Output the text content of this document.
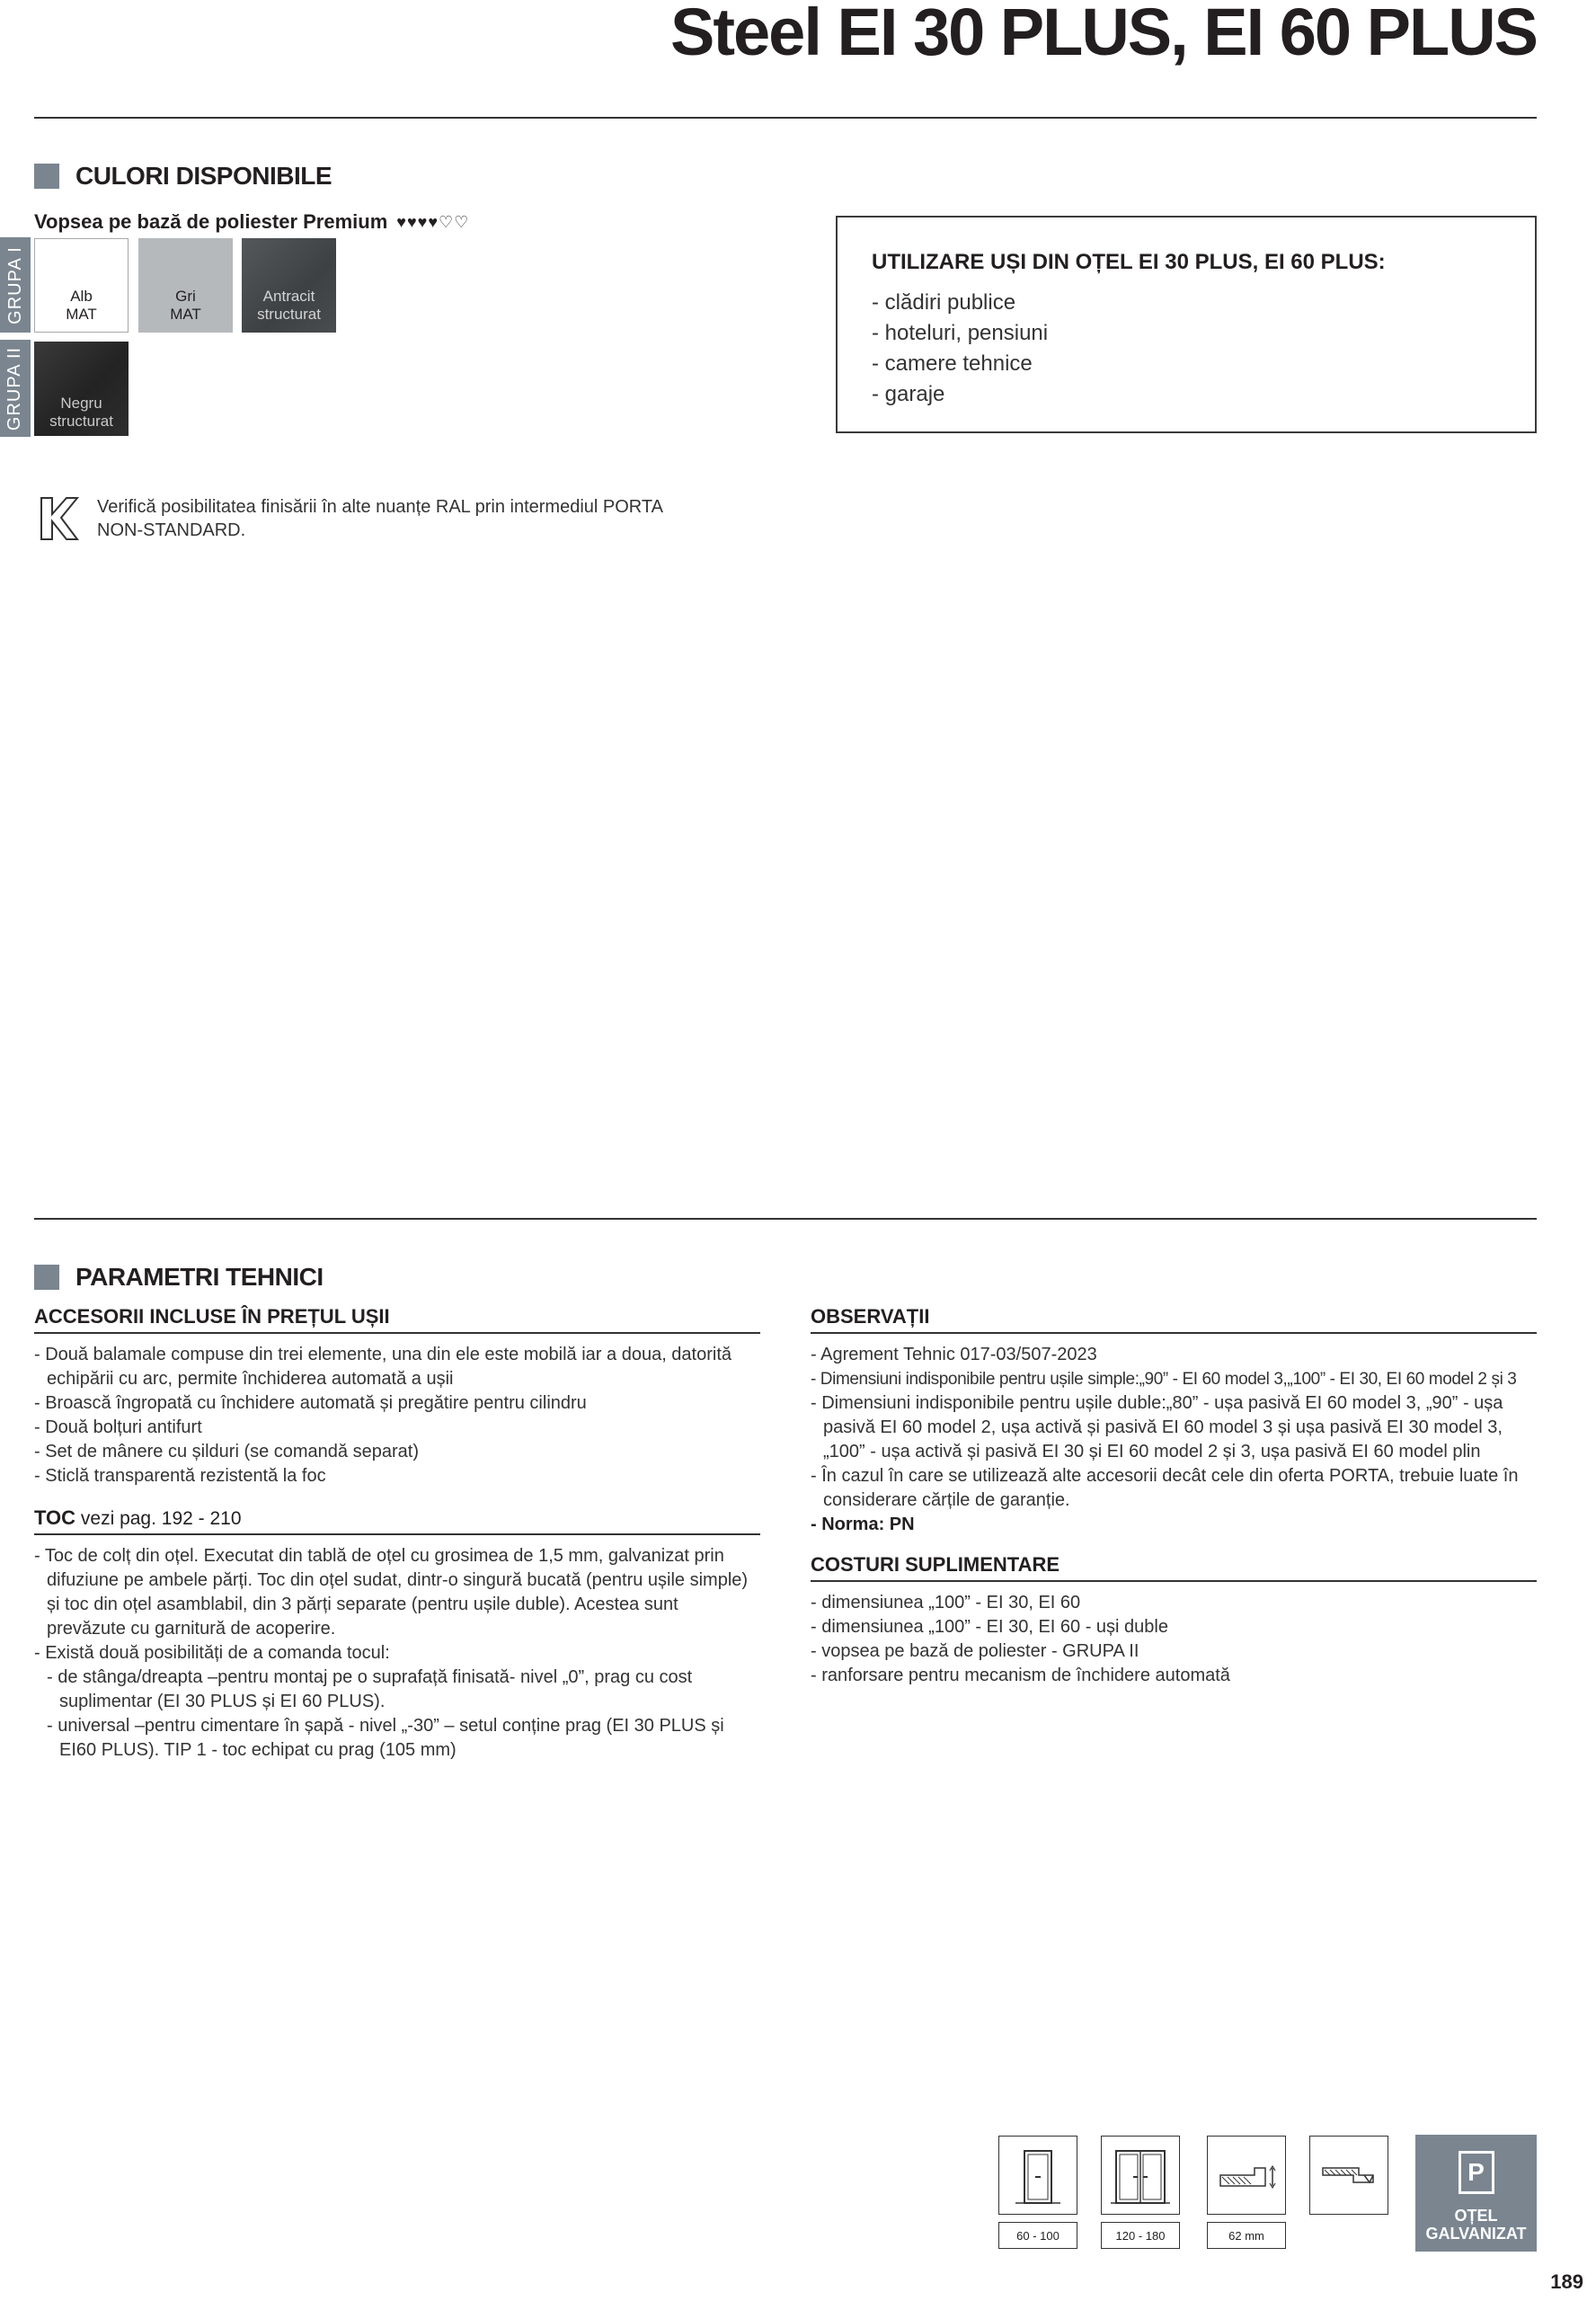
Steel EI 30 PLUS, EI 60 PLUS
CULORI DISPONIBILE
Vopsea pe bază de poliester Premium ♥♥♥♥♡♡
GRUPA I	Alb
MAT
Gri
MAT
Antracit
structurat
GRUPA II Negru
structurat
UTILIZARE UȘI DIN OȚEL EI 30 PLUS, EI 60 PLUS:
- clădiri publice
- hoteluri, pensiuni
- camere tehnice
- garaje
Verifică posibilitatea finisării în alte nuanțe RAL prin intermediul PORTA NON-STANDARD.
PARAMETRI TEHNICI
ACCESORII INCLUSE ÎN PREȚUL UȘII
- Două balamale compuse din trei elemente, una din ele este mobilă iar a doua, datorită echipării cu arc, permite închiderea automată a ușii
- Broască îngropată cu închidere automată și pregătire pentru cilindru
- Două bolțuri antifurt
- Set de mânere cu șilduri (se comandă separat)
- Sticlă transparentă rezistentă la foc
TOC vezi pag. 192 - 210
- Toc de colț din oțel. Executat din tablă de oțel cu grosimea de 1,5 mm, galvanizat prin difuziune pe ambele părți. Toc din oțel sudat, dintr-o singură bucată (pentru ușile simple) și toc din oțel asamblabil, din 3 părți separate (pentru ușile duble). Acestea sunt prevăzute cu garnitură de acoperire.
- Există două posibilități de a comanda tocul:
- de stânga/dreapta –pentru montaj pe o suprafață finisată- nivel „0”, prag cu cost suplimentar (EI 30 PLUS și EI 60 PLUS).
- universal –pentru cimentare în șapă - nivel „-30” – setul conține prag (EI 30 PLUS și EI60 PLUS). TIP 1 - toc echipat cu prag (105 mm)
OBSERVAȚII
- Agrement Tehnic 017-03/507-2023
- Dimensiuni indisponibile pentru ușile simple:„90” - EI 60 model 3,„100” - EI 30, EI 60 model 2 și 3
- Dimensiuni indisponibile pentru ușile duble:„80” - ușa pasivă EI 60 model 3, „90” - ușa pasivă EI 60 model 2, ușa activă și pasivă EI 60 model 3 și ușa pasivă EI 30 model 3, „100” - ușa activă și pasivă EI 30 și EI 60 model 2 și 3, ușa pasivă EI 60 model plin
- În cazul în care se utilizează alte accesorii decât cele din oferta PORTA, trebuie luate în considerare cărțile de garanție.
- Norma: PN
COSTURI SUPLIMENTARE
- dimensiunea „100” - EI 30, EI 60
- dimensiunea „100” - EI 30, EI 60 - uși duble
- vopsea pe bază de poliester - GRUPA II
- ranforsare pentru mecanism de închidere automată
60 - 100	120 - 180	62 mm
P
OȚEL
GALVANIZAT
189
